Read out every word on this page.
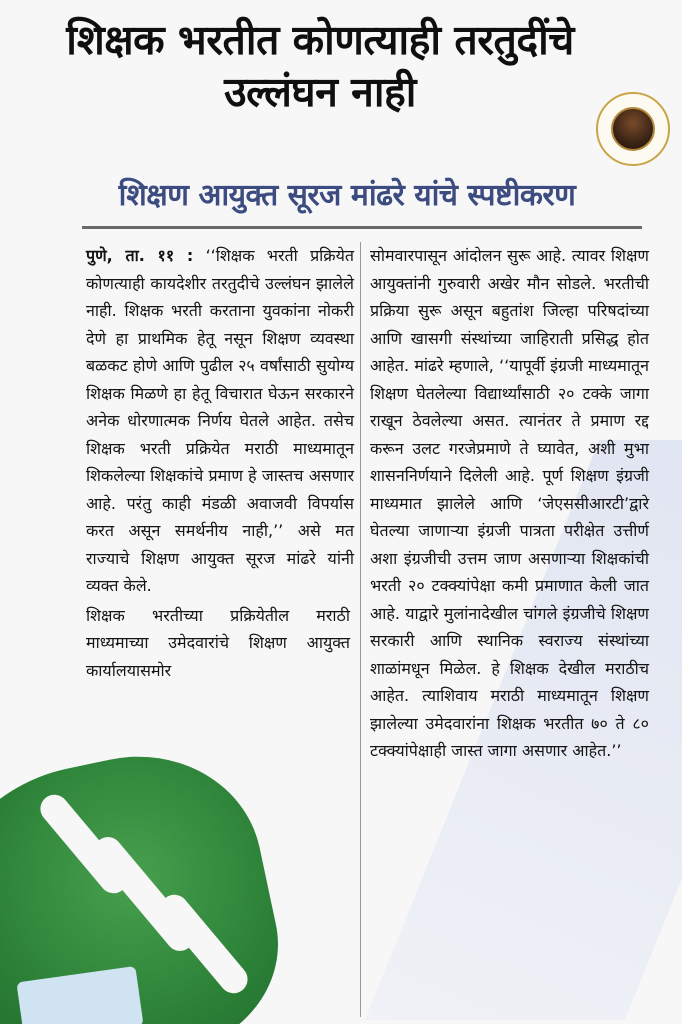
शिक्षक भरतीत कोणत्याही तरतुदींचे उल्लंघन नाही
शिक्षण आयुक्त सूरज मांढरे यांचे स्पष्टीकरण

पुणे, ता. ११ : ‘‘शिक्षक भरती प्रक्रियेत कोणत्याही कायदेशीर तरतुदीचे उल्लंघन झालेले नाही. शिक्षक भरती करताना युवकांना नोकरी देणे हा प्राथमिक हेतू नसून शिक्षण व्यवस्था बळकट होणे आणि पुढील २५ वर्षांसाठी सुयोग्य शिक्षक मिळणे हा हेतू विचारात घेऊन सरकारने अनेक धोरणात्मक निर्णय घेतले आहेत. तसेच शिक्षक भरती प्रक्रियेत मराठी माध्यमातून शिकलेल्या शिक्षकांचे प्रमाण हे जास्तच असणार आहे. परंतु काही मंडळी अवाजवी विपर्यास करत असून समर्थनीय नाही,’’ असे मत राज्याचे शिक्षण आयुक्त सूरज मांढरे यांनी व्यक्त केले.

शिक्षक भरतीच्या प्रक्रियेतील मराठी माध्यमाच्या उमेदवारांचे शिक्षण आयुक्त कार्यालयासमोर

सोमवारपासून आंदोलन सुरू आहे. त्यावर शिक्षण आयुक्तांनी गुरुवारी अखेर मौन सोडले. भरतीची प्रक्रिया सुरू असून बहुतांश जिल्हा परिषदांच्या आणि खासगी संस्थांच्या जाहिराती प्रसिद्ध होत आहेत. मांढरे म्हणाले, ‘‘यापूर्वी इंग्रजी माध्यमातून शिक्षण घेतलेल्या विद्यार्थ्यांसाठी २० टक्के जागा राखून ठेवलेल्या असत. त्यानंतर ते प्रमाण रद्द करून उलट गरजेप्रमाणे ते घ्यावेत, अशी मुभा शासननिर्णयाने दिलेली आहे. पूर्ण शिक्षण इंग्रजी माध्यमात झालेले आणि ‘जेएससीआरटी’द्वारे घेतल्या जाणाऱ्या इंग्रजी पात्रता परीक्षेत उत्तीर्ण अशा इंग्रजीची उत्तम जाण असणाऱ्या शिक्षकांची भरती २० टक्क्यांपेक्षा कमी प्रमाणात केली जात आहे. याद्वारे मुलांनादेखील चांगले इंग्रजीचे शिक्षण सरकारी आणि स्थानिक स्वराज्य संस्थांच्या शाळांमधून मिळेल. हे शिक्षक देखील मराठीच आहेत. त्याशिवाय मराठी माध्यमातून शिक्षण झालेल्या उमेदवारांना शिक्षक भरतीत ७० ते ८० टक्क्यांपेक्षाही जास्त जागा असणार आहेत.’’
